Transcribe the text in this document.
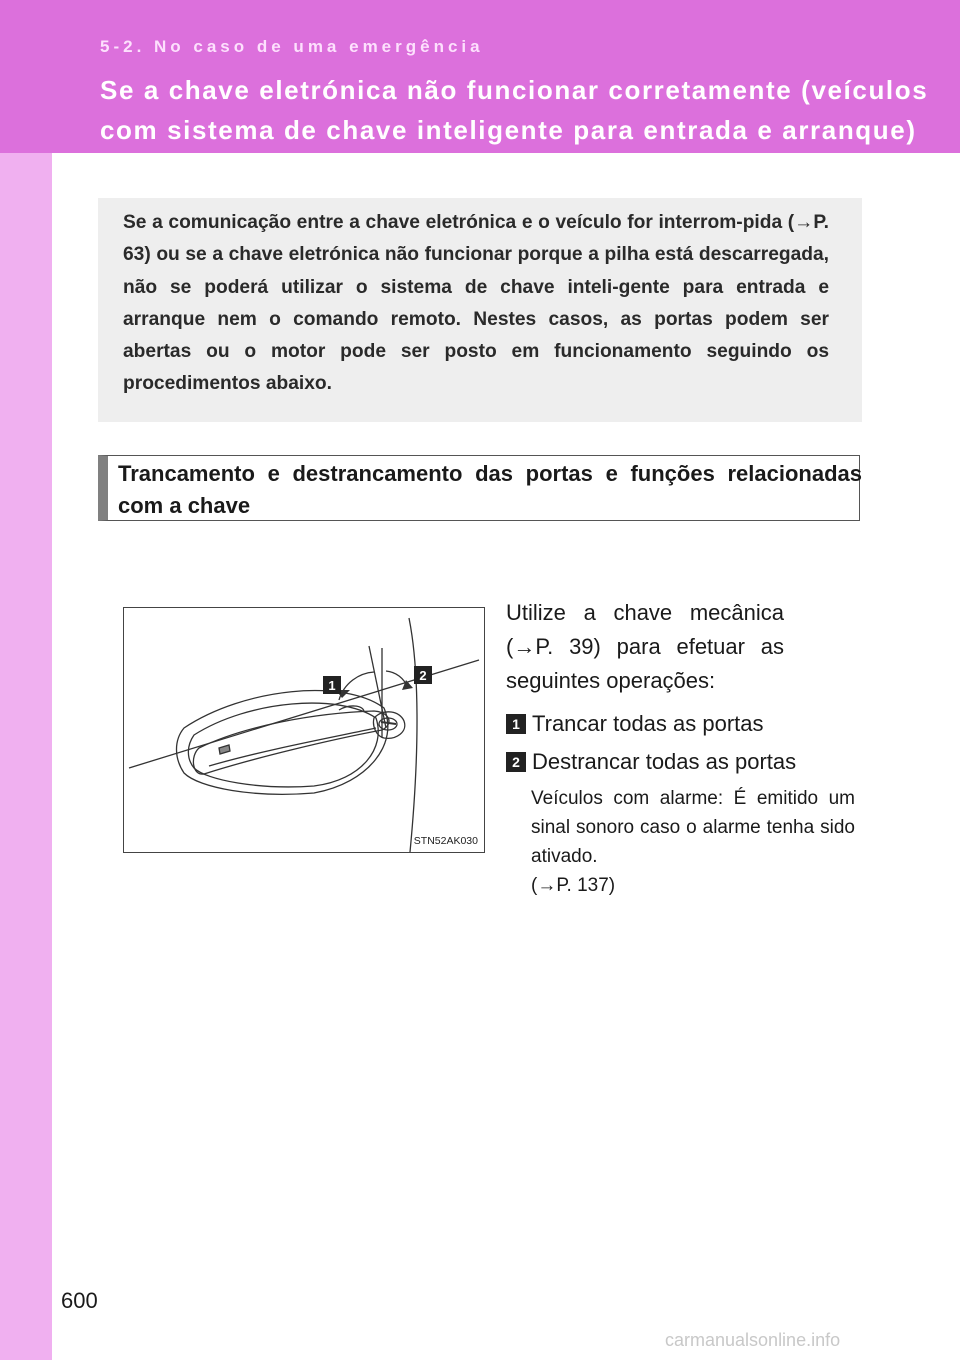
5-2. No caso de uma emergência
Se a chave eletrónica não funcionar corretamente (veículos com sistema de chave inteligente para entrada e arranque)
Se a comunicação entre a chave eletrónica e o veículo for interrom-pida (→P. 63) ou se a chave eletrónica não funcionar porque a pilha está descarregada, não se poderá utilizar o sistema de chave inteli-gente para entrada e arranque nem o comando remoto. Nestes casos, as portas podem ser abertas ou o motor pode ser posto em funcionamento seguindo os procedimentos abaixo.
Trancamento e destrancamento das portas e funções relacionadas com a chave
1
2
STN52AK030
Utilize a chave mecânica (→P. 39) para efetuar as
seguintes operações:
1 Trancar todas as portas
2 Destrancar todas as portas
Veículos com alarme: É emitido um sinal sonoro caso o alarme tenha sido ativado.
(→P. 137)
600
carmanualsonline.info
